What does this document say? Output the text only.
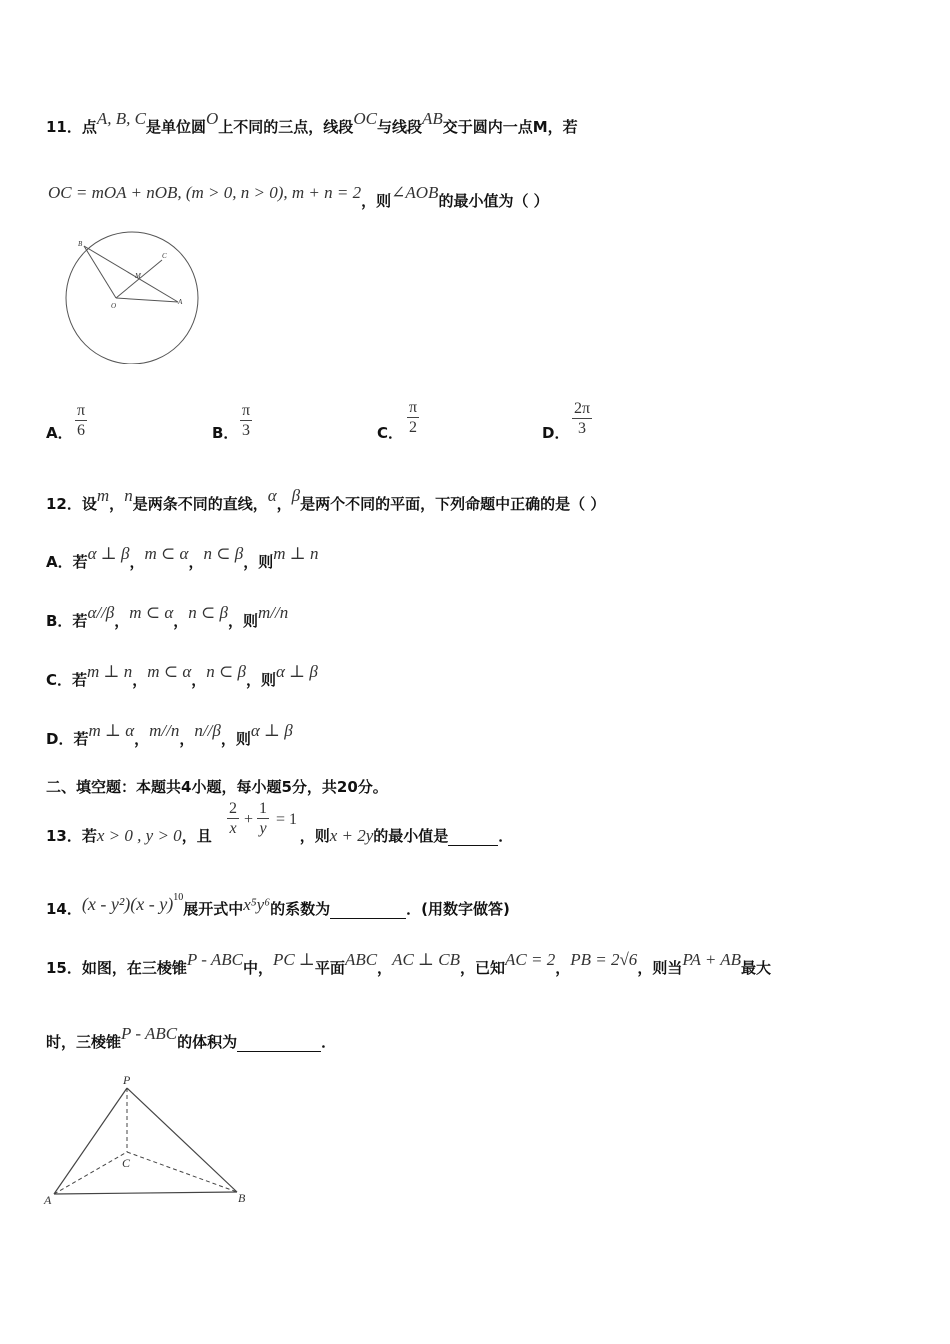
11．点A, B, C是单位圆O上不同的三点，线段OC与线段AB交于圆内一点M，若
OC = mOA + nOB, (m > 0, n > 0), m + n = 2，则∠AOB的最小值为（ ）
B
C
M
O	A
A． $\frac{\pi}{6}$	B． $\frac{\pi}{3}$	C． $\frac{\pi}{2}$	D． $\frac{2\pi}{3}$
12．设m，n是两条不同的直线，α，β是两个不同的平面，下列命题中正确的是（ ）
A．若α ⊥ β，m ⊂ α，n ⊂ β，则m ⊥ n
B．若α//β，m ⊂ α，n ⊂ β，则m//n
C．若m ⊥ n，m ⊂ α，n ⊂ β，则α ⊥ β
D．若m ⊥ α，m//n，n//β，则α ⊥ β
二、填空题：本题共4小题，每小题5分，共20分。
13．若x > 0 , y > 0，且	，则x + 2y的最小值是	．
$\frac{2}{x} + \frac{1}{y} = 1$
14．(x - y²)(x - y)$^{10}$展开式中x⁵y⁶的系数为	．(用数字做答)
15．如图，在三棱锥P - ABC中，PC ⊥平面ABC，AC ⊥ CB，已知AC = 2，PB = 2√6，则当PA + AB最大
时，三棱锥P - ABC的体积为	．
P
C
A	B
